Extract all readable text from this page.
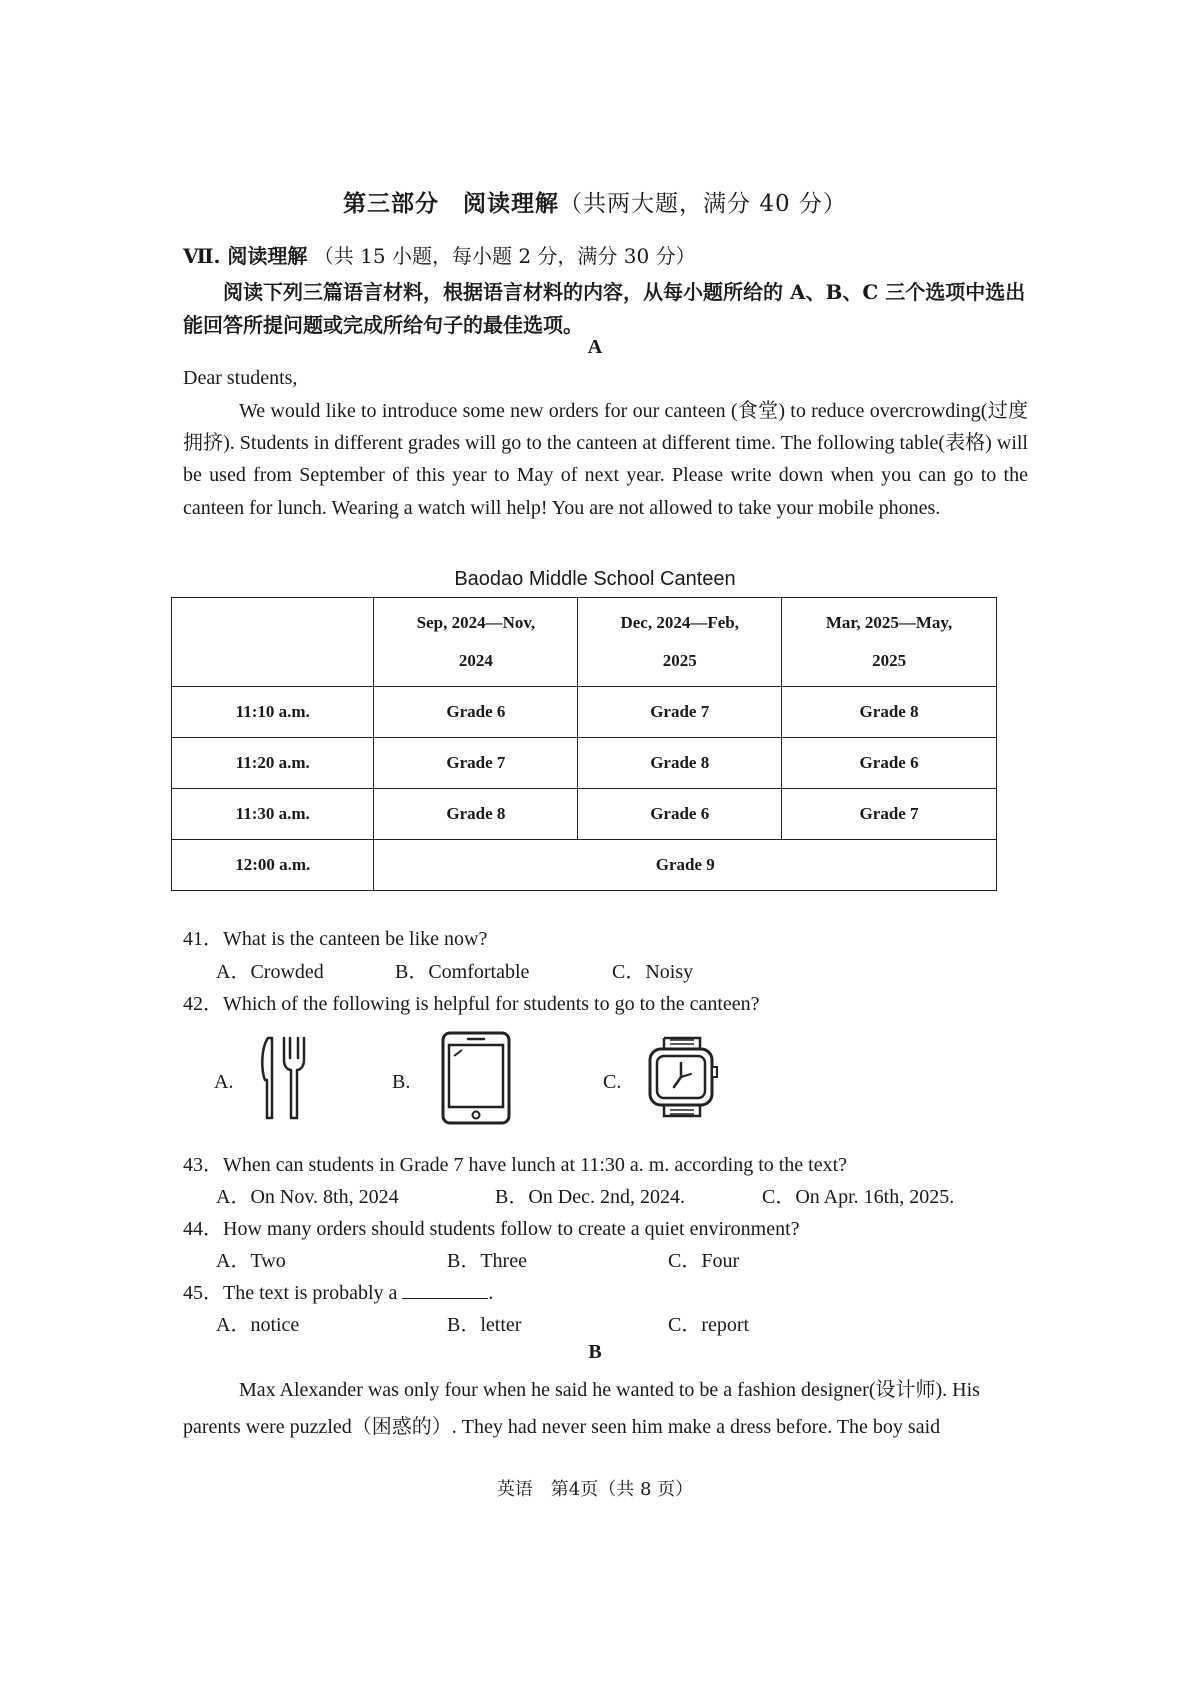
第三部分　阅读理解（共两大题，满分 40 分）
Ⅶ. 阅读理解 （共 15 小题，每小题 2 分，满分 30 分）
阅读下列三篇语言材料，根据语言材料的内容，从每小题所给的 A、B、C 三个选项中选出能回答所提问题或完成所给句子的最佳选项。
A
Dear students,
We would like to introduce some new orders for our canteen (食堂) to reduce overcrowding(过度拥挤). Students in different grades will go to the canteen at different time. The following table(表格) will be used from September of this year to May of next year. Please write down when you can go to the canteen for lunch. Wearing a watch will help! You are not allowed to take your mobile phones.
Baodao Middle School Canteen

	Sep, 2024—Nov, 2024	Dec, 2024—Feb, 2025	Mar, 2025—May, 2025

11:10 a.m.	Grade 6	Grade 7	Grade 8
11:20 a.m.	Grade 7	Grade 8	Grade 6
11:30 a.m.	Grade 8	Grade 6	Grade 7
12:00 a.m.	Grade 9		
41．What is the canteen be like now?
A．Crowded	B．Comfortable	C．Noisy
42．Which of the following is helpful for students to go to the canteen?
A.	B.	C.
43．When can students in Grade 7 have lunch at 11:30 a. m. according to the text?
A．On Nov. 8th, 2024	B．On Dec. 2nd, 2024.	C．On Apr. 16th, 2025.
44．How many orders should students follow to create a quiet environment?
A．Two	B．Three	C．Four
45．The text is probably a	.
A．notice	B．letter	C．report
B
Max Alexander was only four when he said he wanted to be a fashion designer(设计师). His parents were puzzled（困惑的）. They had never seen him make a dress before. The boy said
英语　第4页（共 8 页）
